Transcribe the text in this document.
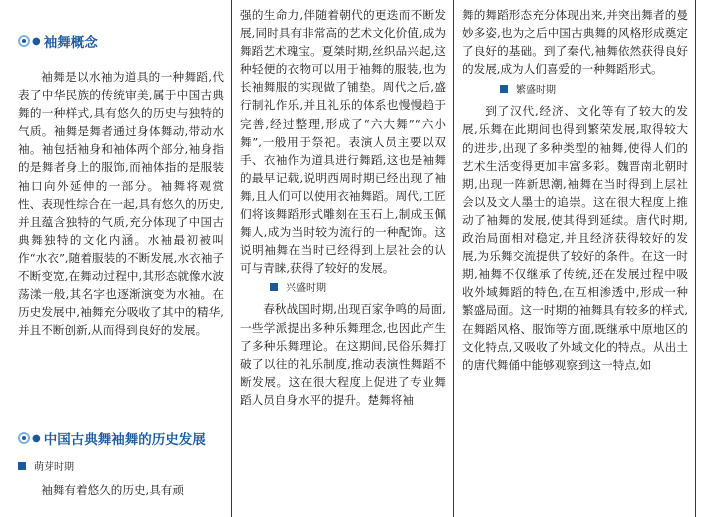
● 袖舞概念

袖舞是以水袖为道具的一种舞蹈,代表了中华民族的传统审美,属于中国古典舞的一种样式,具有悠久的历史与独特的气质。袖舞是舞者通过身体舞动,带动水袖。袖包括袖身和袖体两个部分,袖身指的是舞者身上的服饰,而袖体指的是服装袖口向外延伸的一部分。袖舞将观赏性、表现性综合在一起,具有悠久的历史,并且蕴含独特的气质,充分体现了中国古典舞独特的文化内涵。水袖最初被叫作“水衣”,随着服装的不断发展,水衣袖子不断变宽,在舞动过程中,其形态就像水波荡漾一般,其名字也逐渐演变为水袖。在历史发展中,袖舞充分吸收了其中的精华,并且不断创新,从而得到良好的发展。

● 中国古典舞袖舞的历史发展
萌芽时期

袖舞有着悠久的历史,具有顽

强的生命力,伴随着朝代的更迭而不断发展,同时具有非常高的艺术文化价值,成为舞蹈艺术瑰宝。夏桀时期,丝织品兴起,这种轻便的衣物可以用于袖舞的服装,也为长袖舞服的实现做了铺垫。周代之后,盛行制礼作乐,并且礼乐的体系也慢慢趋于完善,经过整理,形成了“六大舞”“六小舞”,一般用于祭祀。表演人员主要以双手、衣袖作为道具进行舞蹈,这也是袖舞的最早记载,说明西周时期已经出现了袖舞,且人们可以使用衣袖舞蹈。周代,工匠们将该舞蹈形式雕刻在玉石上,制成玉佩舞人,成为当时较为流行的一种配饰。这说明袖舞在当时已经得到上层社会的认可与青睐,获得了较好的发展。

兴盛时期

春秋战国时期,出现百家争鸣的局面,一些学派提出多种乐舞理念,也因此产生了多种乐舞理论。在这期间,民俗乐舞打破了以往的礼乐制度,推动表演性舞蹈不断发展。这在很大程度上促进了专业舞蹈人员自身水平的提升。楚舞将袖

舞的舞蹈形态充分体现出来,并突出舞者的曼妙多姿,也为之后中国古典舞的风格形成奠定了良好的基础。到了秦代,袖舞依然获得良好的发展,成为人们喜爱的一种舞蹈形式。

繁盛时期

到了汉代,经济、文化等有了较大的发展,乐舞在此期间也得到繁荣发展,取得较大的进步,出现了多种类型的袖舞,使得人们的艺术生活变得更加丰富多彩。魏晋南北朝时期,出现一阵新思潮,袖舞在当时得到上层社会以及文人墨士的追崇。这在很大程度上推动了袖舞的发展,使其得到延续。唐代时期,政治局面相对稳定,并且经济获得较好的发展,为乐舞交流提供了较好的条件。在这一时期,袖舞不仅继承了传统,还在发展过程中吸收外域舞蹈的特色,在互相渗透中,形成一种繁盛局面。这一时期的袖舞具有较多的样式,在舞蹈风格、服饰等方面,既继承中原地区的文化特点,又吸收了外域文化的特点。从出土的唐代舞俑中能够观察到这一特点,如
